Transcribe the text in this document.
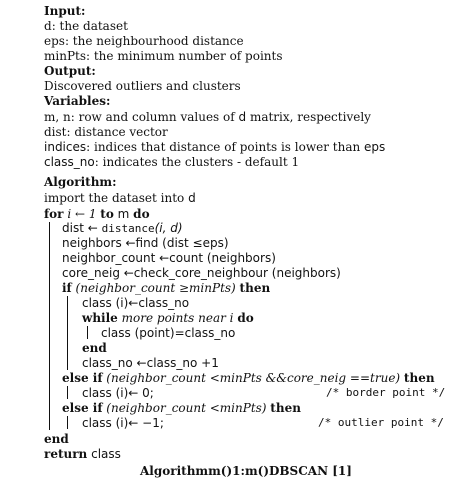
Input:
d: the dataset
eps: the neighbourhood distance
minPts: the minimum number of points
Output:
Discovered outliers and clusters
Variables:
m, n: row and column values of d matrix, respectively
dist: distance vector
indices: indices that distance of points is lower than eps
class_no: indicates the clusters - default 1
Algorithm:
import the dataset into d
for i ← 1 to m do
dist ← distance(i, d)
neighbors ←find (dist ≤eps)
neighbor_count ←count (neighbors)
core_neig ←check_core_neighbour (neighbors)
if (neighbor_count ≥minPts) then
class (i)←class_no
while more points near i do
class (point)=class_no
end
class_no ←class_no +1
else if (neighbor_count <minPts &&core_neig ==true) then
class (i)← 0;	/* border point */
else if (neighbor_count <minPts) then
class (i)← −1;	/* outlier point */
end
return class
Algorithmm()1:m()DBSCAN [1]
